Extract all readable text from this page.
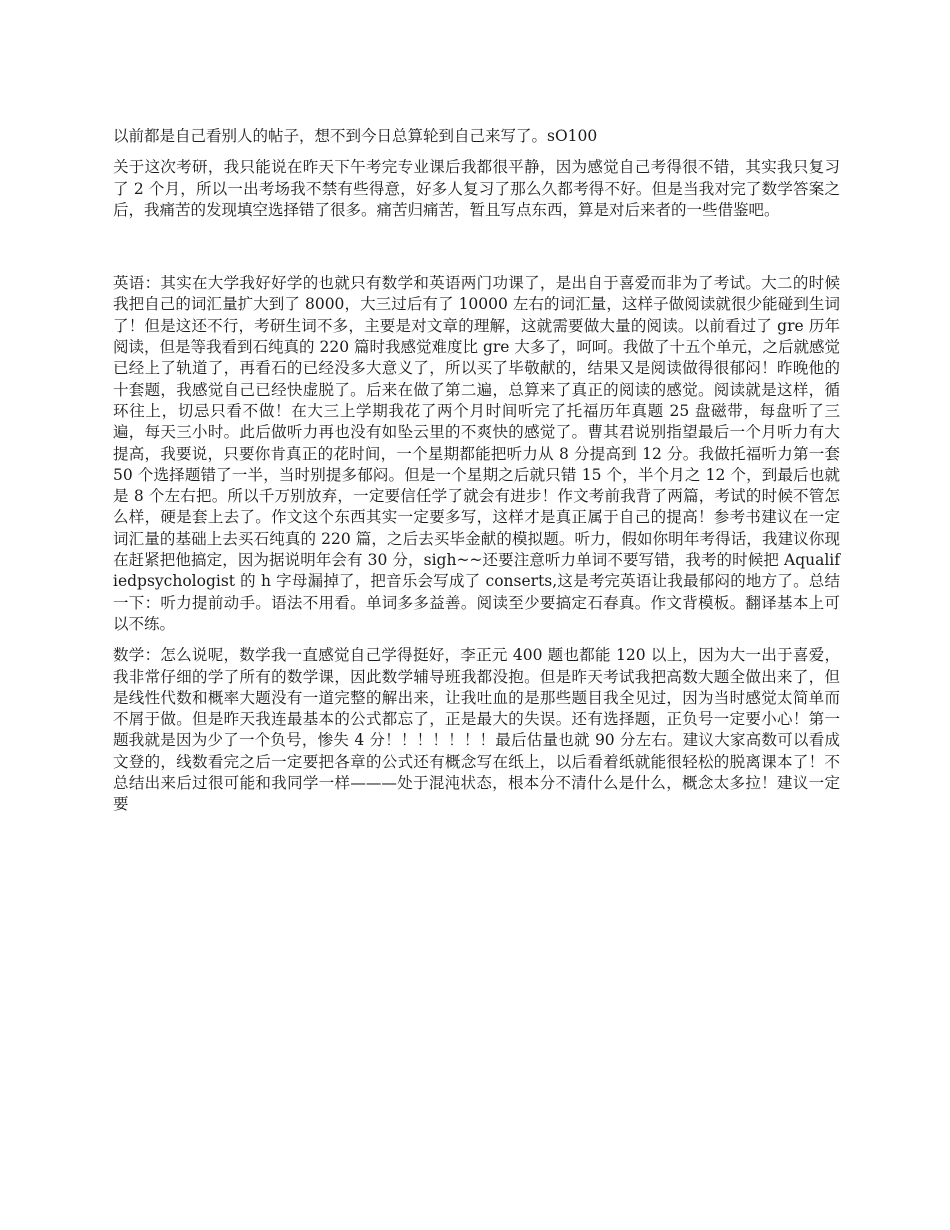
以前都是自己看别人的帖子，想不到今日总算轮到自己来写了。sO100

关于这次考研，我只能说在昨天下午考完专业课后我都很平静，因为感觉自己考得很不错，其实我只复习了 2 个月，所以一出考场我不禁有些得意，好多人复习了那么久都考得不好。但是当我对完了数学答案之后，我痛苦的发现填空选择错了很多。痛苦归痛苦，暂且写点东西，算是对后来者的一些借鉴吧。

英语：其实在大学我好好学的也就只有数学和英语两门功课了，是出自于喜爱而非为了考试。大二的时候我把自己的词汇量扩大到了 8000，大三过后有了 10000 左右的词汇量，这样子做阅读就很少能碰到生词了！但是这还不行，考研生词不多，主要是对文章的理解，这就需要做大量的阅读。以前看过了 gre 历年阅读，但是等我看到石纯真的 220 篇时我感觉难度比 gre 大多了，呵呵。我做了十五个单元，之后就感觉已经上了轨道了，再看石的已经没多大意义了，所以买了毕敬献的，结果又是阅读做得很郁闷！昨晚他的十套题，我感觉自己已经快虚脱了。后来在做了第二遍，总算来了真正的阅读的感觉。阅读就是这样，循环往上，切忌只看不做！在大三上学期我花了两个月时间听完了托福历年真题 25 盘磁带，每盘听了三遍，每天三小时。此后做听力再也没有如坠云里的不爽快的感觉了。曹其君说别指望最后一个月听力有大提高，我要说，只要你肯真正的花时间，一个星期都能把听力从 8 分提高到 12 分。我做托福听力第一套 50 个选择题错了一半，当时别提多郁闷。但是一个星期之后就只错 15 个，半个月之 12 个，到最后也就是 8 个左右把。所以千万别放弃，一定要信任学了就会有进步！作文考前我背了两篇，考试的时候不管怎么样，硬是套上去了。作文这个东西其实一定要多写，这样才是真正属于自己的提高！参考书建议在一定词汇量的基础上去买石纯真的 220 篇，之后去买毕金献的模拟题。听力，假如你明年考得话，我建议你现在赶紧把他搞定，因为据说明年会有 30 分，sigh~~还要注意听力单词不要写错，我考的时候把 Aqualifiedpsychologist 的 h 字母漏掉了，把音乐会写成了 conserts,这是考完英语让我最郁闷的地方了。总结一下：听力提前动手。语法不用看。单词多多益善。阅读至少要搞定石春真。作文背模板。翻译基本上可以不练。

数学：怎么说呢，数学我一直感觉自己学得挺好，李正元 400 题也都能 120 以上，因为大一出于喜爱，我非常仔细的学了所有的数学课，因此数学辅导班我都没抱。但是昨天考试我把高数大题全做出来了，但是线性代数和概率大题没有一道完整的解出来，让我吐血的是那些题目我全见过，因为当时感觉太简单而不屑于做。但是昨天我连最基本的公式都忘了，正是最大的失误。还有选择题，正负号一定要小心！第一题我就是因为少了一个负号，惨失 4 分！！！！！！！最后估量也就 90 分左右。建议大家高数可以看成文登的，线数看完之后一定要把各章的公式还有概念写在纸上，以后看着纸就能很轻松的脱离课本了！不总结出来后过很可能和我同学一样———处于混沌状态，根本分不清什么是什么，概念太多拉！建议一定要
